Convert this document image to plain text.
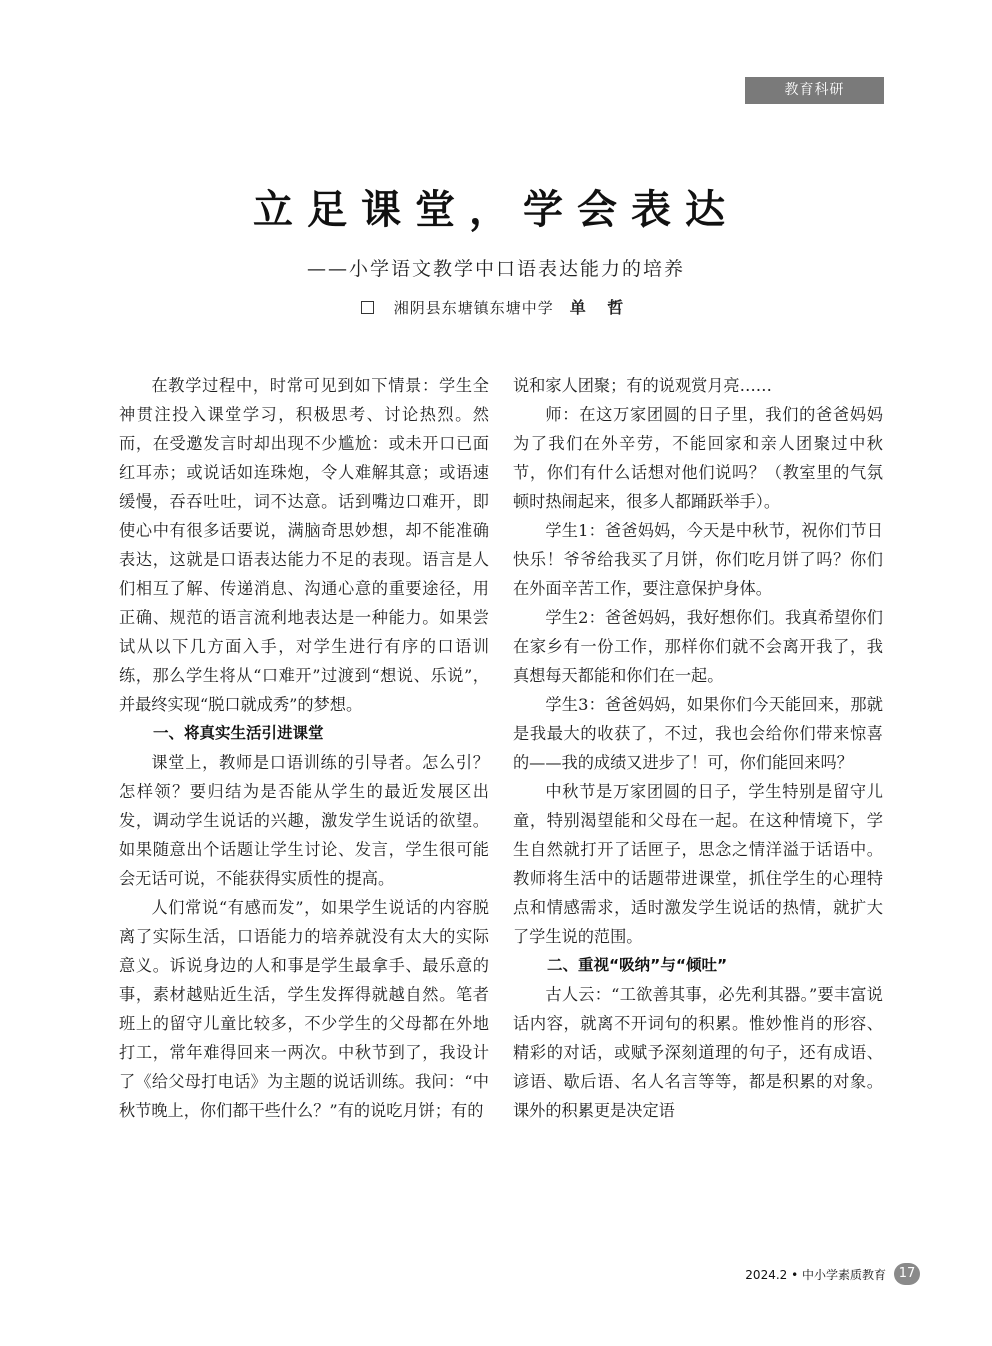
教育科研
立足课堂，学会表达
——小学语文教学中口语表达能力的培养
湘阴县东塘镇东塘中学 单 哲

在教学过程中，时常可见到如下情景：学生全神贯注投入课堂学习，积极思考、讨论热烈。然而，在受邀发言时却出现不少尴尬：或未开口已面红耳赤；或说话如连珠炮，令人难解其意；或语速缓慢，吞吞吐吐，词不达意。话到嘴边口难开，即使心中有很多话要说，满脑奇思妙想，却不能准确表达，这就是口语表达能力不足的表现。语言是人们相互了解、传递消息、沟通心意的重要途径，用正确、规范的语言流利地表达是一种能力。如果尝试从以下几方面入手，对学生进行有序的口语训练，那么学生将从“口难开”过渡到“想说、乐说”，并最终实现“脱口就成秀”的梦想。

一、将真实生活引进课堂

课堂上，教师是口语训练的引导者。怎么引？怎样领？要归结为是否能从学生的最近发展区出发，调动学生说话的兴趣，激发学生说话的欲望。如果随意出个话题让学生讨论、发言，学生很可能会无话可说，不能获得实质性的提高。

人们常说“有感而发”，如果学生说话的内容脱离了实际生活，口语能力的培养就没有太大的实际意义。诉说身边的人和事是学生最拿手、最乐意的事，素材越贴近生活，学生发挥得就越自然。笔者班上的留守儿童比较多，不少学生的父母都在外地打工，常年难得回来一两次。中秋节到了，我设计了《给父母打电话》为主题的说话训练。我问：“中秋节晚上，你们都干些什么？”有的说吃月饼；有的

说和家人团聚；有的说观赏月亮……

师：在这万家团圆的日子里，我们的爸爸妈妈为了我们在外辛劳，不能回家和亲人团聚过中秋节，你们有什么话想对他们说吗？（教室里的气氛顿时热闹起来，很多人都踊跃举手）。

学生1：爸爸妈妈，今天是中秋节，祝你们节日快乐！爷爷给我买了月饼，你们吃月饼了吗？你们在外面辛苦工作，要注意保护身体。

学生2：爸爸妈妈，我好想你们。我真希望你们在家乡有一份工作，那样你们就不会离开我了，我真想每天都能和你们在一起。

学生3：爸爸妈妈，如果你们今天能回来，那就是我最大的收获了，不过，我也会给你们带来惊喜的——我的成绩又进步了！可，你们能回来吗？

中秋节是万家团圆的日子，学生特别是留守儿童，特别渴望能和父母在一起。在这种情境下，学生自然就打开了话匣子，思念之情洋溢于话语中。教师将生活中的话题带进课堂，抓住学生的心理特点和情感需求，适时激发学生说话的热情，就扩大了学生说的范围。

二、重视“吸纳”与“倾吐”

古人云：“工欲善其事，必先利其器。”要丰富说话内容，就离不开词句的积累。惟妙惟肖的形容、精彩的对话，或赋予深刻道理的句子，还有成语、谚语、歇后语、名人名言等等，都是积累的对象。课外的积累更是决定语

2024.2 • 中小学素质教育 17
